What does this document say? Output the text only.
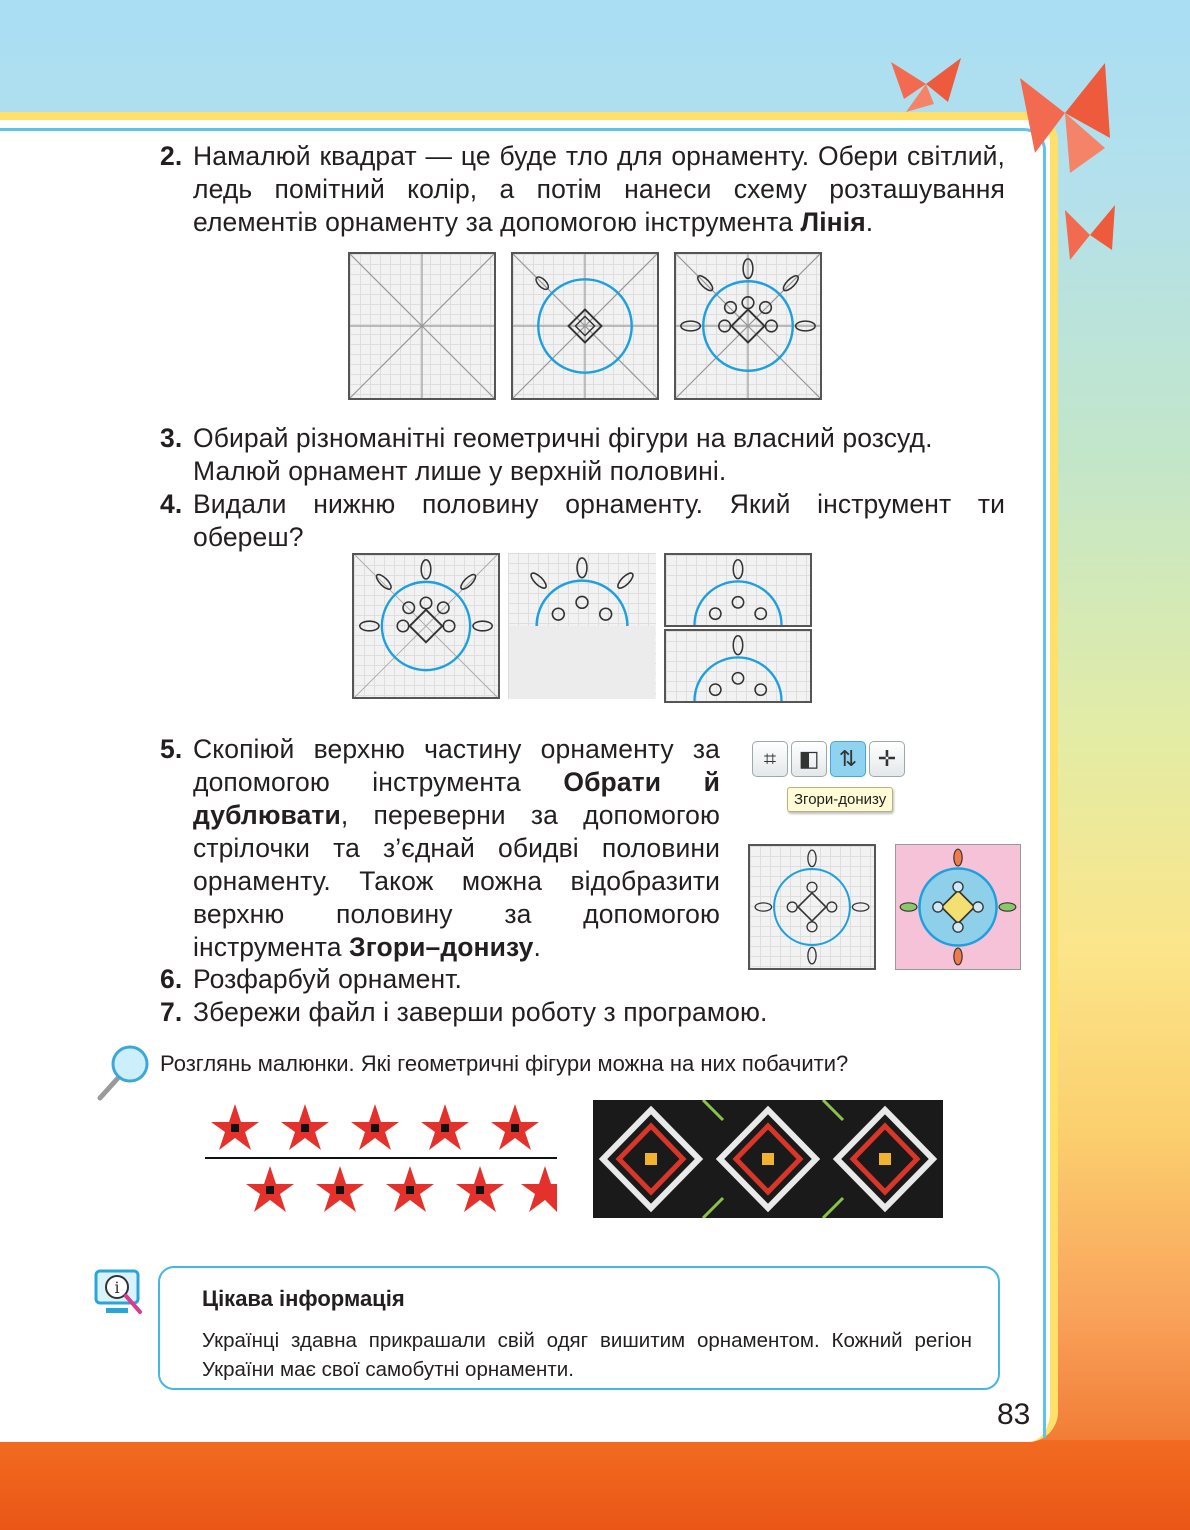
2. Намалюй квадрат — це буде тло для орнаменту. Обери світлий, ледь помітний колір, а потім нанеси схему розташування елементів орнаменту за допомогою інструмента Лінія.
3. Обирай різноманітні геометричні фігури на власний розсуд. Малюй орнамент лише у верхній половині.
4. Видали нижню половину орнаменту. Який інструмент ти обереш?
5. Скопіюй верхню частину орнаменту за допомогою інструмента Обрати й дублювати, переверни за допомогою стрілочки та з’єднай обидві половини орнаменту. Також можна відобразити верхню половину за допомогою інструмента Згори–донизу.
⌗	◧ ⇅ ✛
Згори-донизу
6. Розфарбуй орнамент.
7. Збережи файл і заверши роботу з програмою.
Розглянь малюнки. Які геометричні фігури можна на них побачити?
i	Цікава інформація
Українці здавна прикрашали свій одяг вишитим орнаментом. Кожний регіон України має свої самобутні орнаменти.
83
